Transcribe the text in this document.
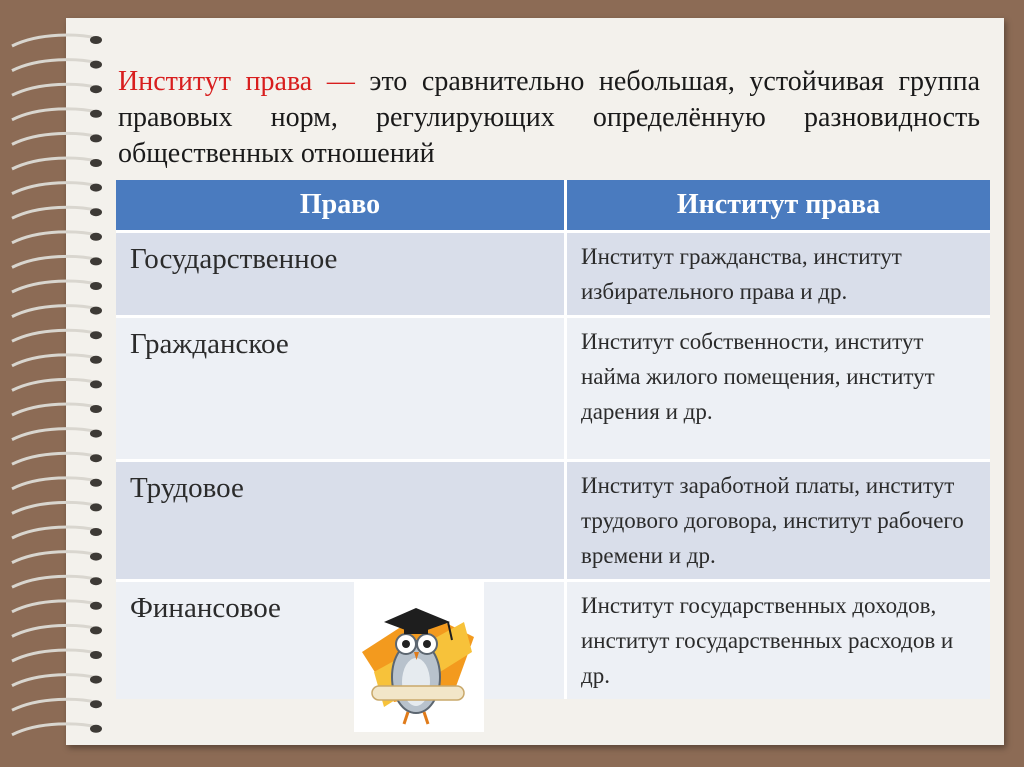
Институт права — это сравнительно небольшая, устойчивая группа правовых норм, регулирующих определённую разновидность общественных отношений

Право	Институт права
Государственное	Институт гражданства, институт избирательного права и др.
Гражданское	Институт собственности, институт найма жилого помещения, институт дарения и др.
Трудовое	Институт заработной платы, институт трудового договора, институт рабочего времени и др.
Финансовое	Институт государственных доходов, институт государственных расходов и др.
